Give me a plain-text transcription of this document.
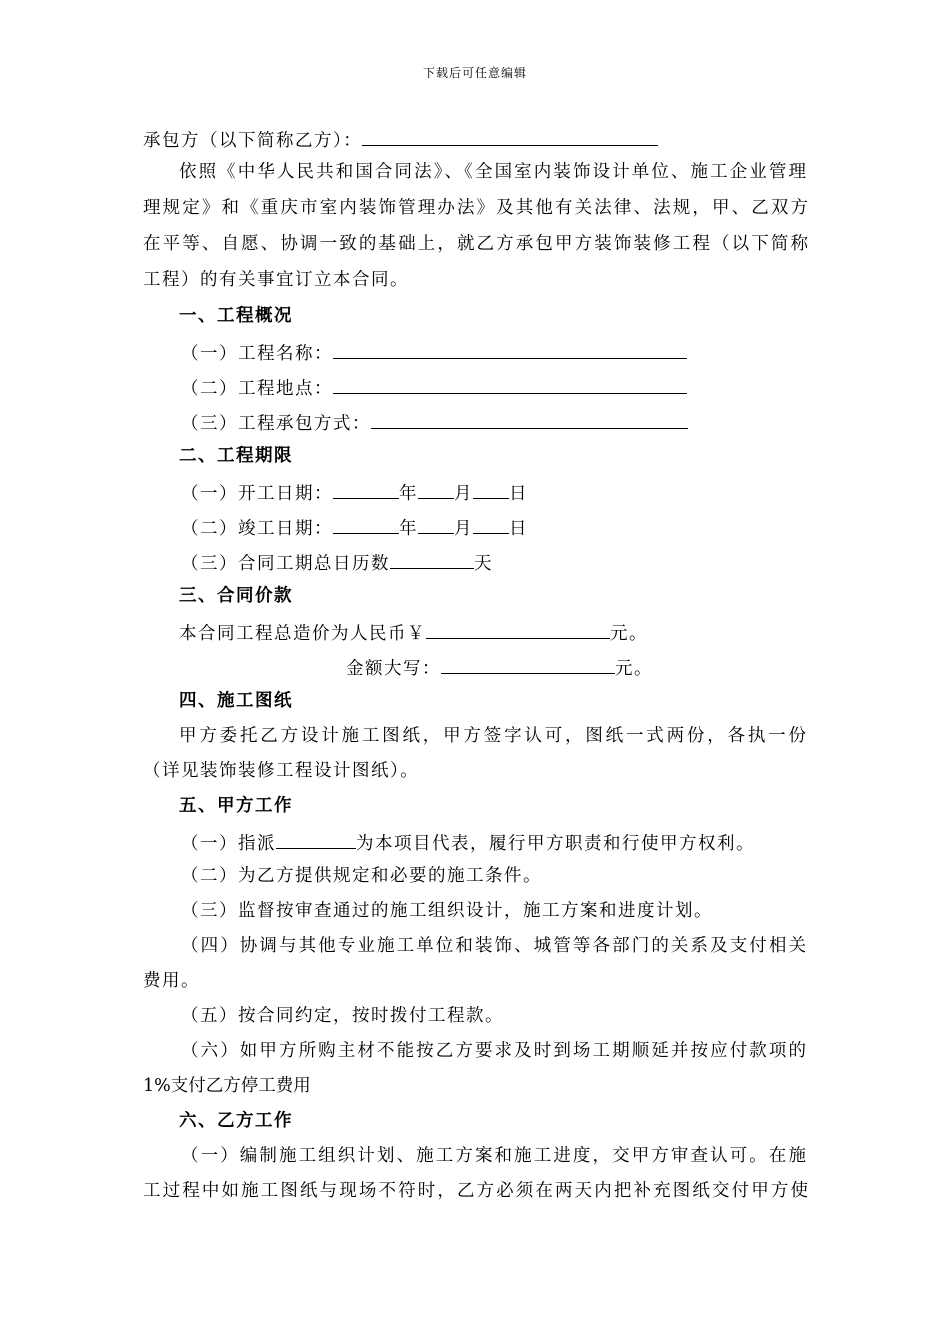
下载后可任意编辑
承包方（以下简称乙方）：
依照《中华人民共和国合同法》、《全国室内装饰设计单位、施工企业管理
理规定》和《重庆市室内装饰管理办法》及其他有关法律、法规，甲、乙双方
在平等、自愿、协调一致的基础上，就乙方承包甲方装饰装修工程（以下简称
工程）的有关事宜订立本合同。
一、工程概况
（一）工程名称：
（二）工程地点：
（三）工程承包方式：
二、工程期限
（一）开工日期：	年 月 日
（二）竣工日期：	年 月 日
（三）合同工期总日历数	天
三、合同价款
本合同工程总造价为人民币￥	元。
金额大写：	元。
四、施工图纸
甲方委托乙方设计施工图纸，甲方签字认可，图纸一式两份，各执一份
（详见装饰装修工程设计图纸）。
五、甲方工作
（一）指派	为本项目代表，履行甲方职责和行使甲方权利。
（二）为乙方提供规定和必要的施工条件。
（三）监督按审查通过的施工组织设计，施工方案和进度计划。
（四）协调与其他专业施工单位和装饰、城管等各部门的关系及支付相关
费用。
（五）按合同约定，按时拨付工程款。
（六）如甲方所购主材不能按乙方要求及时到场工期顺延并按应付款项的
1%支付乙方停工费用
六、乙方工作
（一）编制施工组织计划、施工方案和施工进度，交甲方审查认可。在施
工过程中如施工图纸与现场不符时，乙方必须在两天内把补充图纸交付甲方使
